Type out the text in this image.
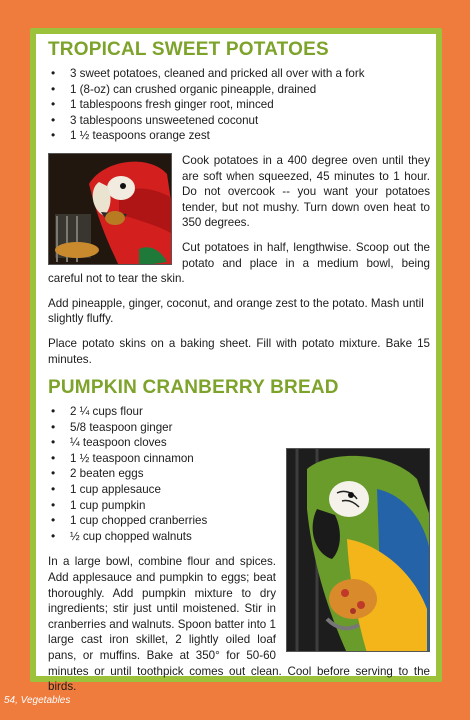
TROPICAL SWEET POTATOES
• 3 sweet potatoes, cleaned and pricked all over with a fork
• 1 (8-oz) can crushed organic pineapple, drained
• 1 tablespoons fresh ginger root, minced
• 3 tablespoons unsweetened coconut
• 1 ½ teaspoons orange zest

Cook potatoes in a 400 degree oven until they are soft when squeezed, 45 minutes to 1 hour. Do not overcook -- you want your potatoes tender, but not mushy. Turn down oven heat to 350 degrees.

Cut potatoes in half, lengthwise. Scoop out the potato and place in a medium bowl, being careful not to tear the skin.

Add pineapple, ginger, coconut, and orange zest to the potato. Mash until slightly fluffy.

Place potato skins on a baking sheet. Fill with potato mixture. Bake 15 minutes.

PUMPKIN CRANBERRY BREAD
• 2 ¼ cups flour
• 5/8 teaspoon ginger
• ¼ teaspoon cloves
• 1 ½ teaspoon cinnamon
• 2 beaten eggs
• 1 cup applesauce
• 1 cup pumpkin
• 1 cup chopped cranberries
• ½ cup chopped walnuts

In a large bowl, combine flour and spices. Add applesauce and pumpkin to eggs; beat thoroughly. Add pumpkin mixture to dry ingredients; stir just until moistened. Stir in cranberries and walnuts. Spoon batter into 1 large cast iron skillet, 2 lightly oiled loaf pans, or muffins. Bake at 350° for 50-60 minutes or until toothpick comes out clean. Cool before serving to the birds.

54, Vegetables
